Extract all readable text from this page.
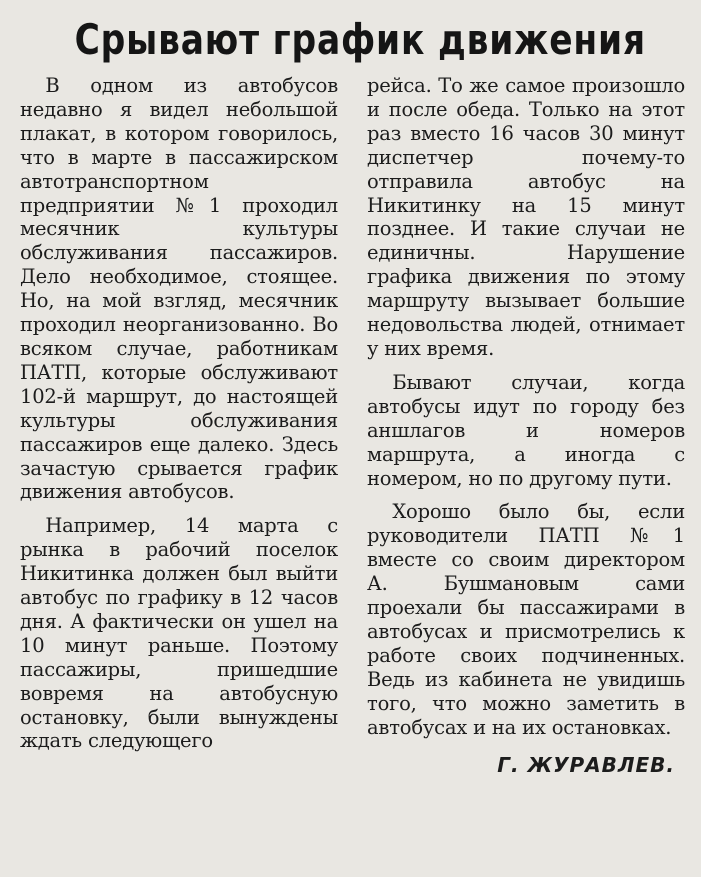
Срывают график движения

В одном из автобусов недавно я видел небольшой плакат, в котором говорилось, что в марте в пассажирском автотранспортном предприятии №1 проходил месячник культуры обслуживания пассажиров. Дело необходимое, стоящее. Но, на мой взгляд, месячник проходил неорганизованно. Во всяком случае, работникам ПАТП, которые обслуживают 102-й маршрут, до настоящей культуры обслуживания пассажиров еще далеко. Здесь зачастую срывается график движения автобусов.

Например, 14 марта с рынка в рабочий поселок Никитинка должен был выйти автобус по графику в 12 часов дня. А фактически он ушел на 10 минут раньше. Поэтому пассажиры, пришедшие вовремя на автобусную остановку, были вынуждены ждать следующего

рейса. То же самое произошло и после обеда. Только на этот раз вместо 16 часов 30 минут диспетчер почему-то отправила автобус на Никитинку на 15 минут позднее. И такие случаи не единичны. Нарушение графика движения по этому маршруту вызывает большие недовольства людей, отнимает у них время.

Бывают случаи, когда автобусы идут по городу без аншлагов и номеров маршрута, а иногда с номером, но по другому пути.

Хорошо было бы, если руководители ПАТП №1 вместе со своим директором А. Бушмановым сами проехали бы пассажирами в автобусах и присмотрелись к работе своих подчиненных. Ведь из кабинета не увидишь того, что можно заметить в автобусах и на их остановках.

Г. ЖУРАВЛЕВ.
